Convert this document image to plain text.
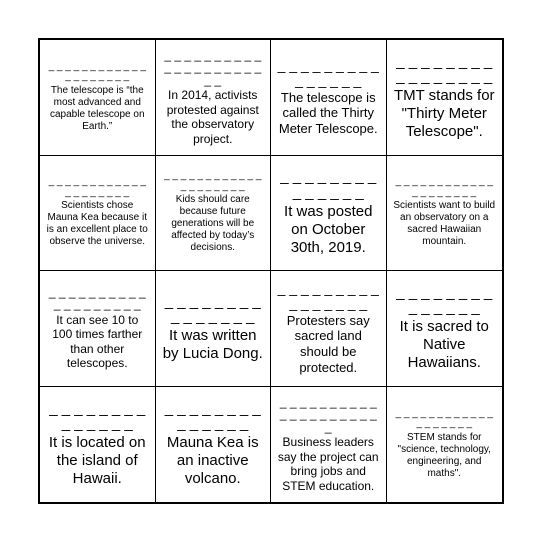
_ _ _ _ _ _ _ _ _ _ _ _ _ _ _ _ _ _ _ _
The telescope is “the most advanced and capable telescope on Earth.”
_ _ _ _ _ _ _ _ _ _ _ _ _ _ _ _ _ _ _ _ _ _
In 2014, activists protested against the observatory project.
_ _ _ _ _ _ _ _ _ _ _ _ _ _ _
The telescope is called the Thirty Meter Telescope.
_ _ _ _ _ _ _ _ _ _ _ _ _ _ _ _
TMT stands for "Thirty Meter Telescope".
_ _ _ _ _ _ _ _ _ _ _ _ _ _ _ _ _ _ _ _
Scientists chose Mauna Kea because it is an excellent place to observe the universe.
_ _ _ _ _ _ _ _ _ _ _ _ _ _ _ _ _ _ _ _
Kids should care because future generations will be affected by today’s decisions.
_ _ _ _ _ _ _ _ _ _ _ _ _ _
It was posted on October 30th, 2019.
_ _ _ _ _ _ _ _ _ _ _ _ _ _ _ _ _ _ _ _
Scientists want to build an observatory on a sacred Hawaiian mountain.
_ _ _ _ _ _ _ _ _ _ _ _ _ _ _ _ _ _ _
It can see 10 to 100 times farther than other telescopes.
_ _ _ _ _ _ _ _ _ _ _ _ _ _ _
It was written by Lucia Dong.
_ _ _ _ _ _ _ _ _ _ _ _ _ _ _ _
Protesters say sacred land should be protected.
_ _ _ _ _ _ _ _ _ _ _ _ _ _
It is sacred to Native Hawaiians.
_ _ _ _ _ _ _ _ _ _ _ _ _ _
It is located on the island of Hawaii.
_ _ _ _ _ _ _ _ _ _ _ _ _ _
Mauna Kea is an inactive volcano.
_ _ _ _ _ _ _ _ _ _ _ _ _ _ _ _ _ _ _ _ _
Business leaders say the project can bring jobs and STEM education.
_ _ _ _ _ _ _ _ _ _ _ _ _ _ _ _ _ _ _
STEM stands for "science, technology, engineering, and maths".
